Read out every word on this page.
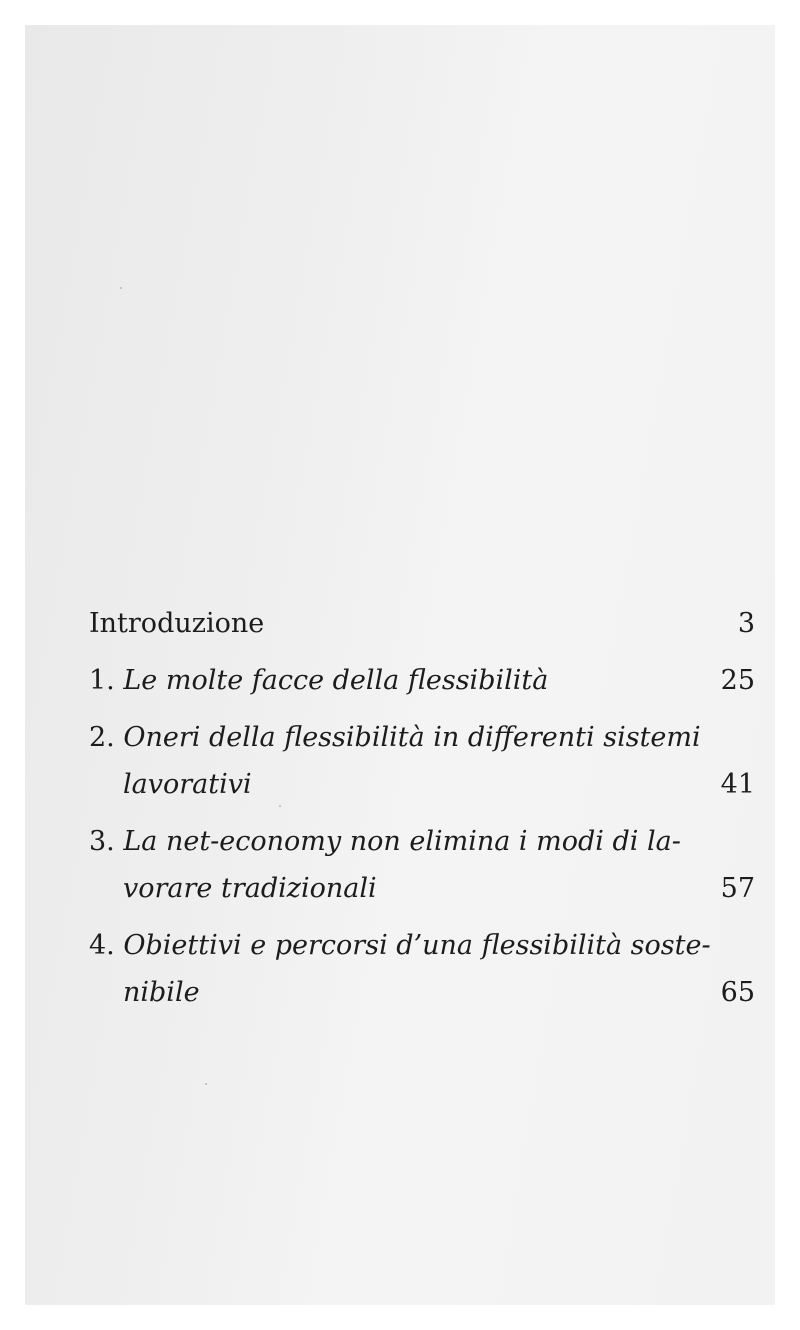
Introduzione	3
1. Le molte facce della flessibilità	25
2. Oneri della flessibilità in differenti sistemi
lavorativi	41
3. La net-economy non elimina i modi di la-
vorare tradizionali	57
4. Obiettivi e percorsi d’una flessibilità soste-
nibile	65
